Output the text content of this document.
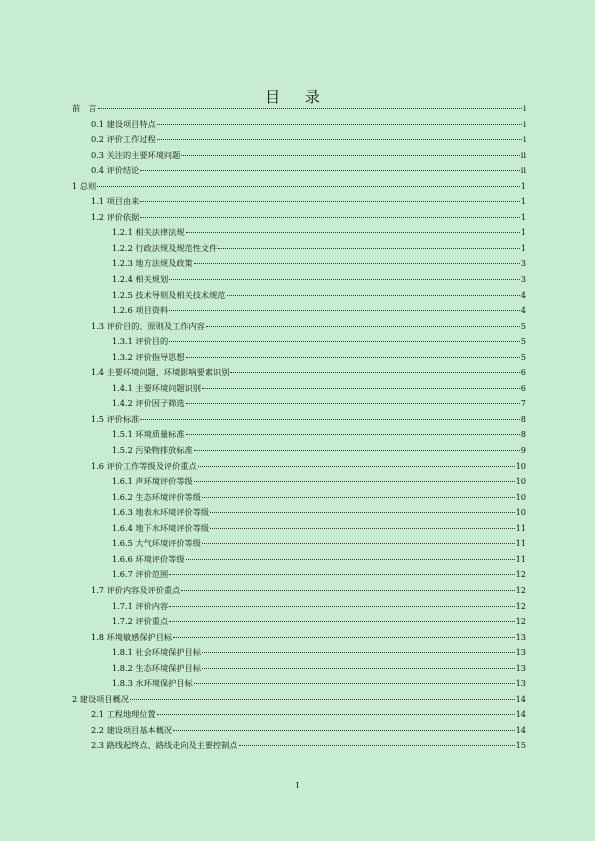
目 录
前　言	i
0.1 建设项目特点	i
0.2 评价工作过程	i
0.3 关注的主要环境问题	ii
0.4 评价结论	ii
1 总则	1
1.1 项目由来	1
1.2 评价依据	1
1.2.1 相关法律法规	1
1.2.2 行政法规及规范性文件	1
1.2.3 地方法规及政策	3
1.2.4 相关规划	3
1.2.5 技术导则及相关技术规范	4
1.2.6 项目资料	4
1.3 评价目的、原则及工作内容	5
1.3.1 评价目的	5
1.3.2 评价指导思想	5
1.4 主要环境问题、环境影响要素识别	6
1.4.1 主要环境问题识别	6
1.4.2 评价因子筛选	7
1.5 评价标准	8
1.5.1 环境质量标准	8
1.5.2 污染物排放标准	9
1.6 评价工作等级及评价重点	10
1.6.1 声环境评价等级	10
1.6.2 生态环境评价等级	10
1.6.3 地表水环境评价等级	10
1.6.4 地下水环境评价等级	11
1.6.5 大气环境评价等级	11
1.6.6 环境评价等级	11
1.6.7 评价范围	12
1.7 评价内容及评价重点	12
1.7.1 评价内容	12
1.7.2 评价重点	12
1.8 环境敏感保护目标	13
1.8.1 社会环境保护目标	13
1.8.2 生态环境保护目标	13
1.8.3 水环境保护目标	13
2 建设项目概况	14
2.1 工程地理位置	14
2.2 建设项目基本概况	14
2.3 路线起终点、路线走向及主要控制点	15
I
